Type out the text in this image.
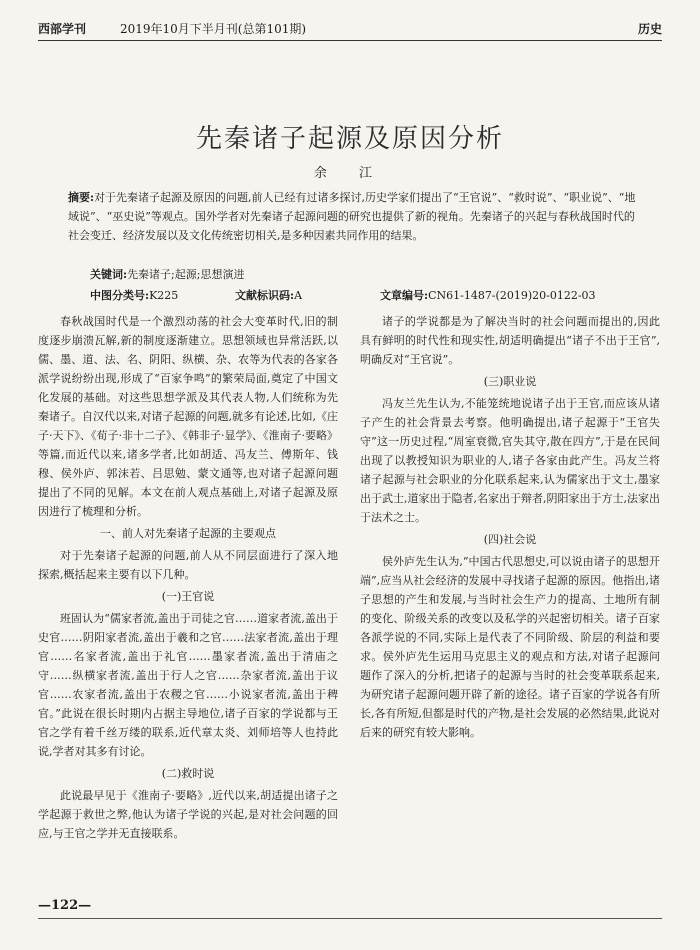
西部学刊	2019年10月下半月刊(总第101期)	历史
先秦诸子起源及原因分析
余 江
摘要:对于先秦诸子起源及原因的问题,前人已经有过诸多探讨,历史学家们提出了“王官说”、“救时说”、“职业说”、“地域说”、“巫史说”等观点。国外学者对先秦诸子起源问题的研究也提供了新的视角。先秦诸子的兴起与春秋战国时代的社会变迁、经济发展以及文化传统密切相关,是多种因素共同作用的结果。
关键词:先秦诸子;起源;思想演进
中图分类号:K225	文献标识码:A	文章编号:CN61-1487-(2019)20-0122-03

春秋战国时代是一个激烈动荡的社会大变革时代,旧的制度逐步崩溃瓦解,新的制度逐渐建立。思想领域也异常活跃,以儒、墨、道、法、名、阴阳、纵横、杂、农等为代表的各家各派学说纷纷出现,形成了“百家争鸣”的繁荣局面,奠定了中国文化发展的基础。对这些思想学派及其代表人物,人们统称为先秦诸子。自汉代以来,对诸子起源的问题,就多有论述,比如,《庄子·天下》、《荀子·非十二子》、《韩非子·显学》、《淮南子·要略》等篇,而近代以来,诸多学者,比如胡适、冯友兰、傅斯年、钱穆、侯外庐、郭沫若、吕思勉、蒙文通等,也对诸子起源问题提出了不同的见解。本文在前人观点基础上,对诸子起源及原因进行了梳理和分析。

一、前人对先秦诸子起源的主要观点

对于先秦诸子起源的问题,前人从不同层面进行了深入地探索,概括起来主要有以下几种。

(一)王官说

班固认为“儒家者流,盖出于司徒之官……道家者流,盖出于史官……阴阳家者流,盖出于羲和之官……法家者流,盖出于理官……名家者流,盖出于礼官……墨家者流,盖出于清庙之守……纵横家者流,盖出于行人之官……杂家者流,盖出于议官……农家者流,盖出于农稷之官……小说家者流,盖出于稗官。”此说在很长时期内占据主导地位,诸子百家的学说都与王官之学有着千丝万缕的联系,近代章太炎、刘师培等人也持此说,学者对其多有讨论。

(二)救时说

此说最早见于《淮南子·要略》,近代以来,胡适提出诸子之学起源于救世之弊,他认为诸子学说的兴起,是对社会问题的回应,与王官之学并无直接联系。

诸子的学说都是为了解决当时的社会问题而提出的,因此具有鲜明的时代性和现实性,胡适明确提出“诸子不出于王官”,明确反对“王官说”。

(三)职业说

冯友兰先生认为,不能笼统地说诸子出于王官,而应该从诸子产生的社会背景去考察。他明确提出,诸子起源于“王官失守”这一历史过程,“周室衰微,官失其守,散在四方”,于是在民间出现了以教授知识为职业的人,诸子各家由此产生。冯友兰将诸子起源与社会职业的分化联系起来,认为儒家出于文士,墨家出于武士,道家出于隐者,名家出于辩者,阴阳家出于方士,法家出于法术之士。

(四)社会说

侯外庐先生认为,“中国古代思想史,可以说由诸子的思想开端”,应当从社会经济的发展中寻找诸子起源的原因。他指出,诸子思想的产生和发展,与当时社会生产力的提高、土地所有制的变化、阶级关系的改变以及私学的兴起密切相关。诸子百家各派学说的不同,实际上是代表了不同阶级、阶层的利益和要求。侯外庐先生运用马克思主义的观点和方法,对诸子起源问题作了深入的分析,把诸子的起源与当时的社会变革联系起来,为研究诸子起源问题开辟了新的途径。诸子百家的学说各有所长,各有所短,但都是时代的产物,是社会发展的必然结果,此说对后来的研究有较大影响。

—122—
